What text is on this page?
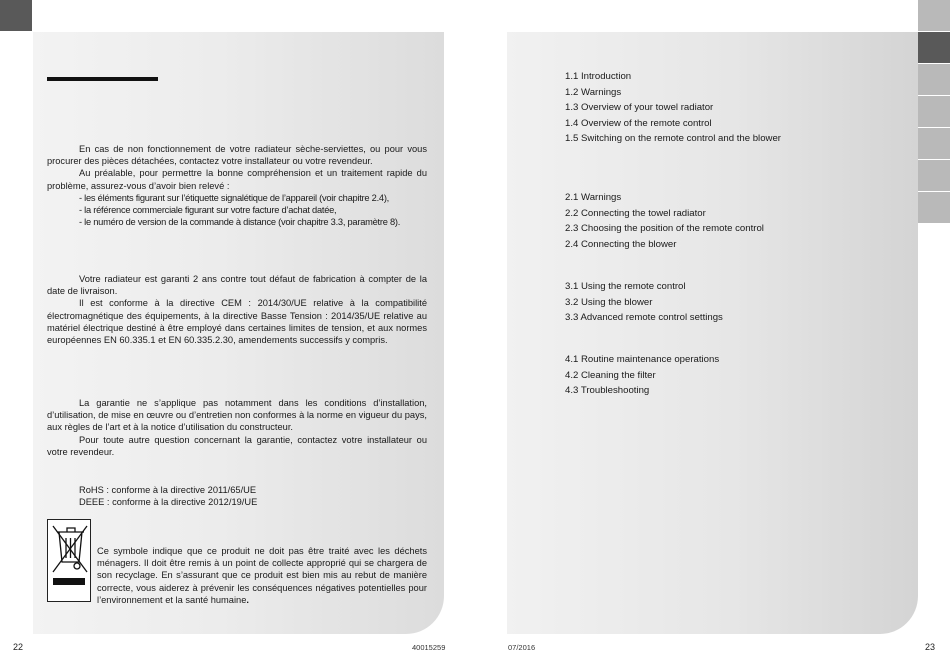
En cas de non fonctionnement de votre radiateur sèche-serviettes, ou pour vous procurer des pièces détachées, contactez votre installateur ou votre revendeur.

Au préalable, pour permettre la bonne compréhension et un traitement rapide du problème, assurez-vous d’avoir bien relevé :

- les éléments figurant sur l’étiquette signalétique de l’appareil (voir chapitre 2.4),
- la référence commerciale figurant sur votre facture d’achat datée,
- le numéro de version de la commande à distance (voir chapitre 3.3, paramètre 8).

Votre radiateur est garanti 2 ans contre tout défaut de fabrication à compter de la date de livraison.

Il est conforme à la directive CEM : 2014/30/UE relative à la compatibilité électromagnétique des équipements, à la directive Basse Tension : 2014/35/UE relative au matériel électrique destiné à être employé dans certaines limites de tension, et aux normes européennes EN 60.335.1 et EN 60.335.2.30, amendements successifs y compris.

La garantie ne s’applique pas notamment dans les conditions d’installation, d’utilisation, de mise en œuvre ou d’entretien non conformes à la norme en vigueur du pays, aux règles de l’art et à la notice d’utilisation du constructeur.

Pour toute autre question concernant la garantie, contactez votre installateur ou votre revendeur.

RoHS : conforme à la directive 2011/65/UE
DEEE : conforme à la directive 2012/19/UE
Ce symbole indique que ce produit ne doit pas être traité avec les déchets ménagers. Il doit être remis à un point de collecte approprié qui se chargera de son recyclage. En s’assurant que ce produit est bien mis au rebut de manière correcte, vous aiderez à prévenir les conséquences négatives potentielles pour l’environnement et la santé humaine.
1.1 Introduction
1.2 Warnings
1.3 Overview of your towel radiator
1.4 Overview of the remote control
1.5 Switching on the remote control and the blower
2.1 Warnings
2.2 Connecting the towel radiator
2.3 Choosing the position of the remote control
2.4 Connecting the blower
3.1 Using the remote control
3.2 Using the blower
3.3 Advanced remote control settings
4.1 Routine maintenance operations
4.2 Cleaning the filter
4.3 Troubleshooting
22	40015259	07/2016	23
